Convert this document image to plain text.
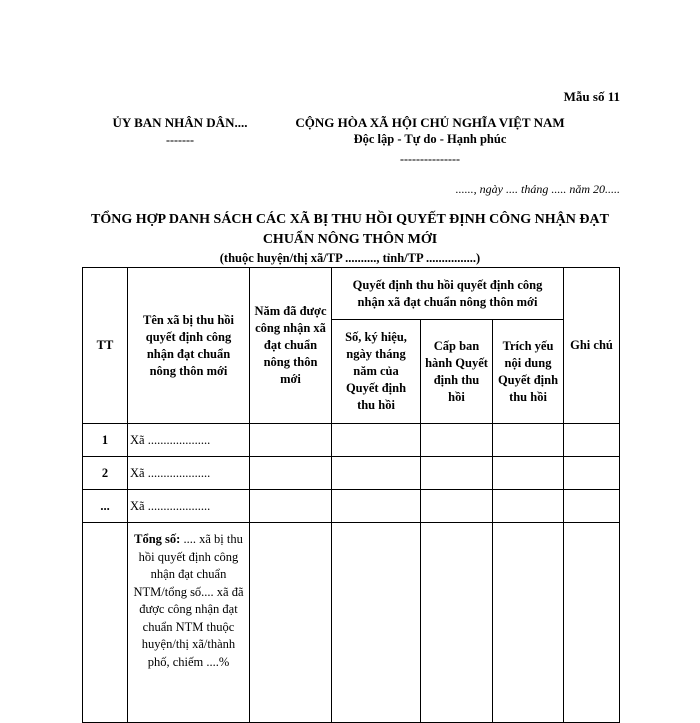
Mẫu số 11
ỦY BAN NHÂN DÂN....
-------
CỘNG HÒA XÃ HỘI CHỦ NGHĨA VIỆT NAM
Độc lập - Tự do - Hạnh phúc
---------------
......, ngày .... tháng ..... năm 20.....
TỔNG HỢP DANH SÁCH CÁC XÃ BỊ THU HỒI QUYẾT ĐỊNH CÔNG NHẬN ĐẠT
CHUẨN NÔNG THÔN MỚI
(thuộc huyện/thị xã/TP .........., tỉnh/TP ................)
TT	Tên xã bị thu hồi quyết định công nhận đạt chuẩn nông thôn mới	Năm đã được công nhận xã đạt chuẩn nông thôn mới	Quyết định thu hồi quyết định công nhận xã đạt chuẩn nông thôn mới			Ghi chú
			Số, ký hiệu, ngày tháng năm của Quyết định thu hồi	Cấp ban hành Quyết định thu hồi	Trích yếu nội dung Quyết định thu hồi	
1	Xã ....................					
2	Xã ....................					
...	Xã ....................					
	Tổng số: .... xã bị thu hồi quyết định công nhận đạt chuẩn NTM/tổng số.... xã đã được công nhận đạt chuẩn NTM thuộc huyện/thị xã/thành phố, chiếm ....%					
